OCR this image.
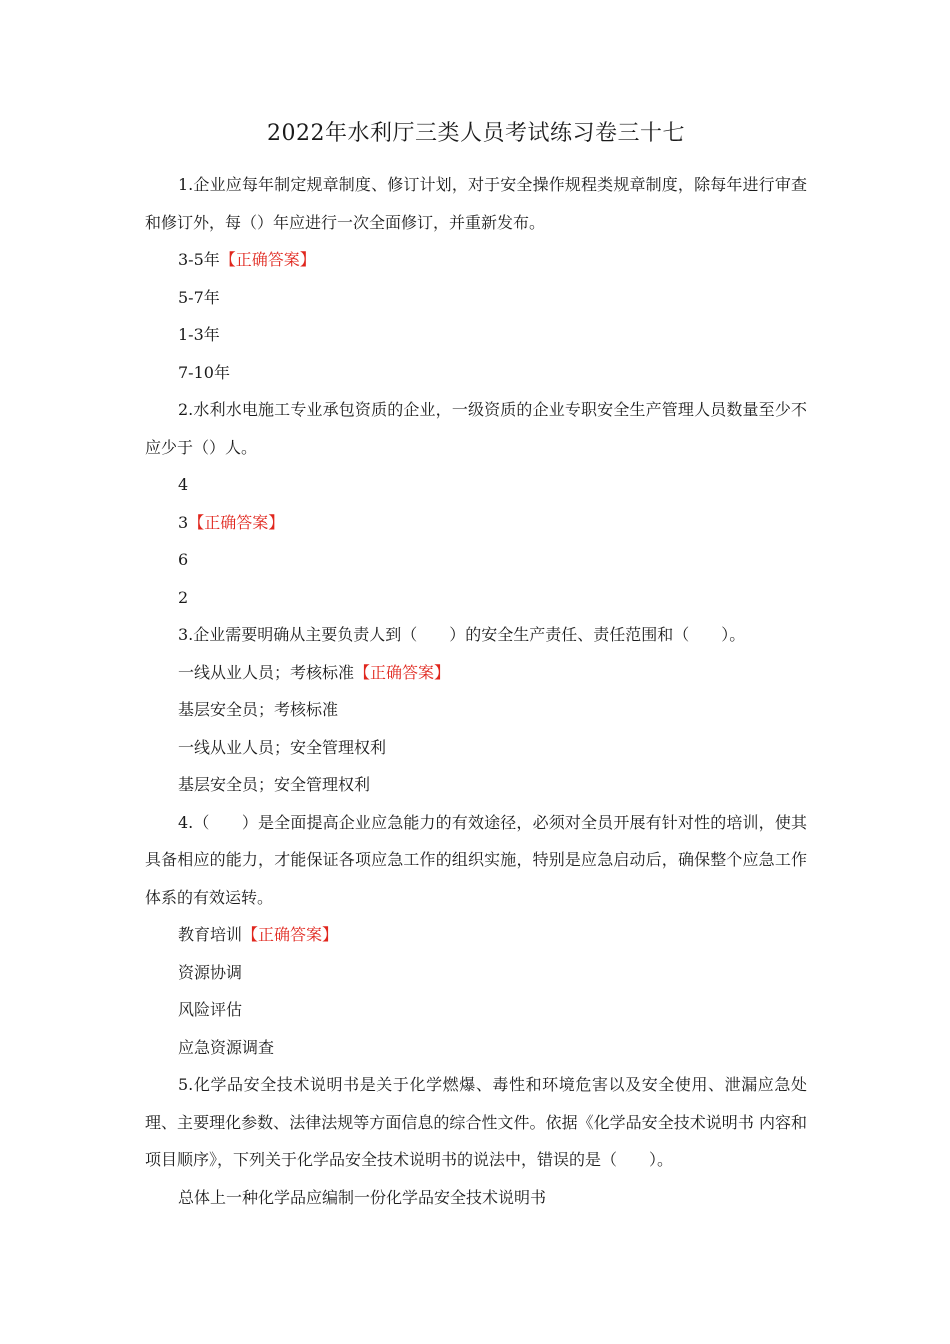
2022年水利厅三类人员考试练习卷三十七

1.企业应每年制定规章制度、修订计划，对于安全操作规程类规章制度，除每年进行审查和修订外，每（）年应进行一次全面修订，并重新发布。

3-5年【正确答案】

5-7年

1-3年

7-10年

2.水利水电施工专业承包资质的企业，一级资质的企业专职安全生产管理人员数量至少不应少于（）人。

4

3【正确答案】

6

2

3.企业需要明确从主要负责人到（　　）的安全生产责任、责任范围和（　　）。

一线从业人员；考核标准【正确答案】

基层安全员；考核标准

一线从业人员；安全管理权利

基层安全员；安全管理权利

4.（　　）是全面提高企业应急能力的有效途径，必须对全员开展有针对性的培训，使其具备相应的能力，才能保证各项应急工作的组织实施，特别是应急启动后，确保整个应急工作体系的有效运转。

教育培训【正确答案】

资源协调

风险评估

应急资源调查

5.化学品安全技术说明书是关于化学燃爆、毒性和环境危害以及安全使用、泄漏应急处理、主要理化参数、法律法规等方面信息的综合性文件。依据《化学品安全技术说明书 内容和项目顺序》，下列关于化学品安全技术说明书的说法中，错误的是（　　）。

总体上一种化学品应编制一份化学品安全技术说明书
